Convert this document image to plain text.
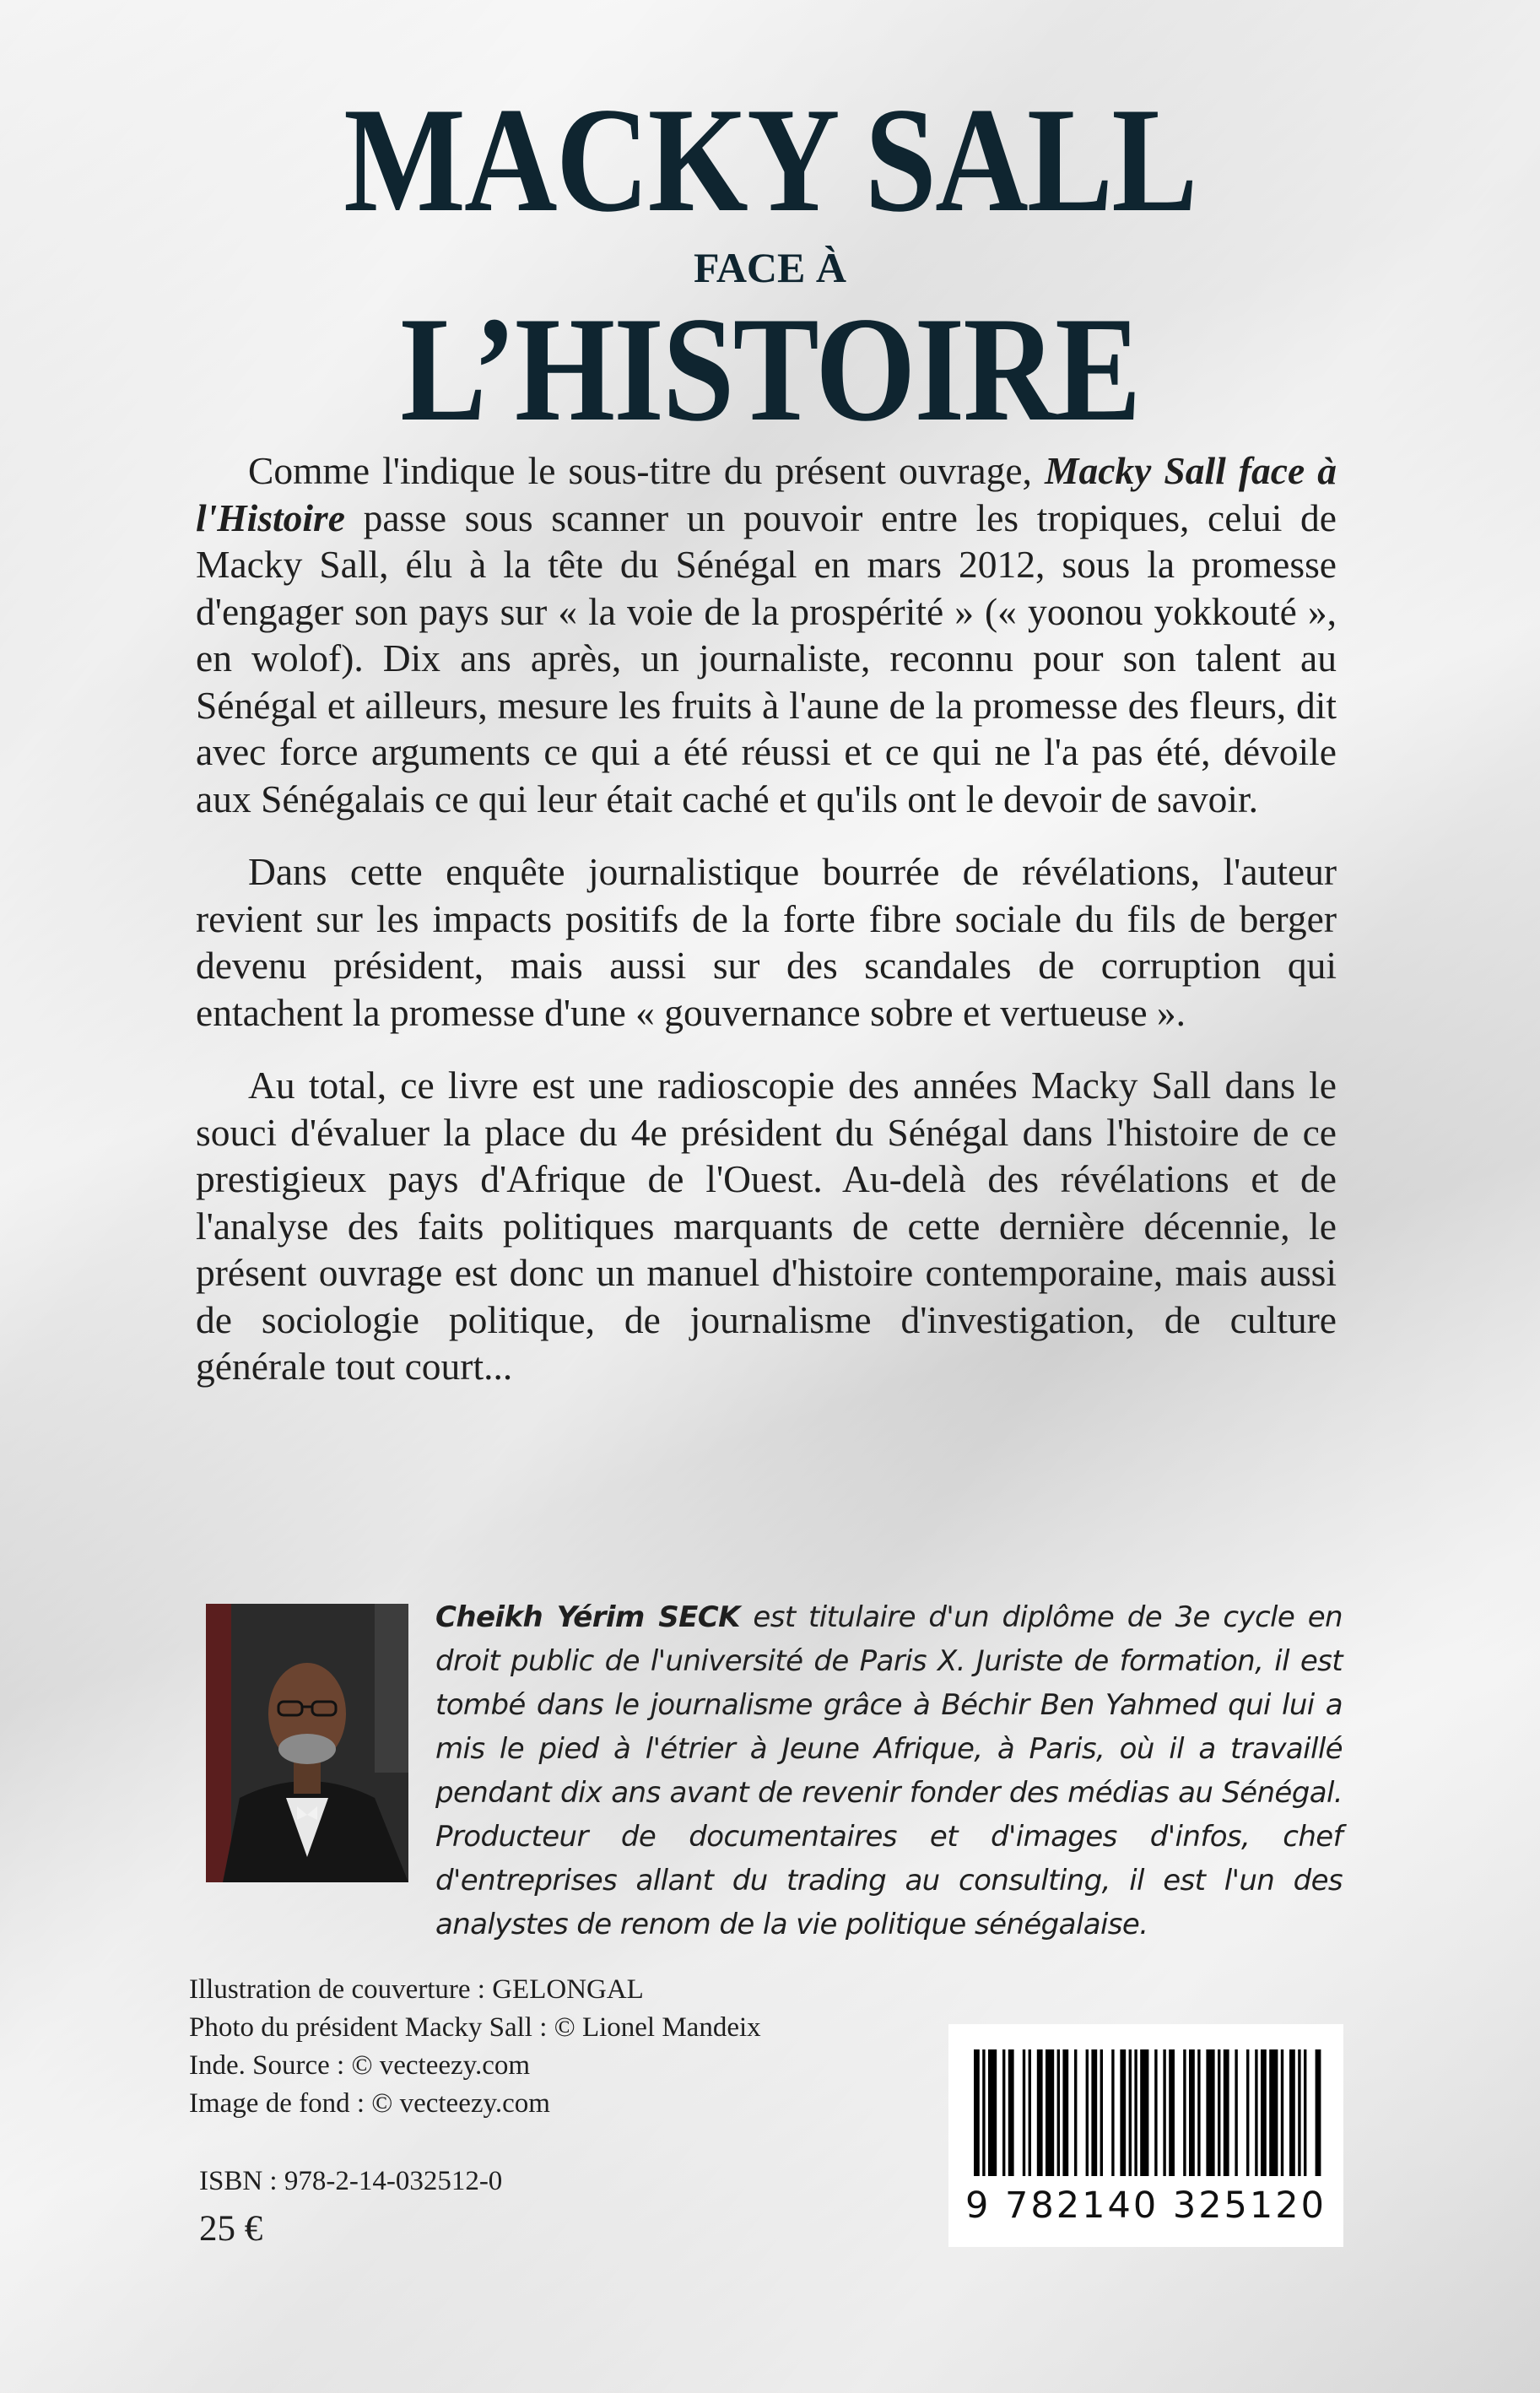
MACKY SALL
FACE À
L’HISTOIRE

Comme l'indique le sous-titre du présent ouvrage, Macky Sall face à l'Histoire passe sous scanner un pouvoir entre les tropiques, celui de Macky Sall, élu à la tête du Sénégal en mars 2012, sous la promesse d'engager son pays sur « la voie de la prospérité » (« yoonou yokkouté », en wolof). Dix ans après, un journaliste, reconnu pour son talent au Sénégal et ailleurs, mesure les fruits à l'aune de la promesse des fleurs, dit avec force arguments ce qui a été réussi et ce qui ne l'a pas été, dévoile aux Sénégalais ce qui leur était caché et qu'ils ont le devoir de savoir.

Dans cette enquête journalistique bourrée de révélations, l'auteur revient sur les impacts positifs de la forte fibre sociale du fils de berger devenu président, mais aussi sur des scandales de corruption qui entachent la promesse d'une « gouvernance sobre et vertueuse ».

Au total, ce livre est une radioscopie des années Macky Sall dans le souci d'évaluer la place du 4e président du Sénégal dans l'histoire de ce prestigieux pays d'Afrique de l'Ouest. Au-delà des révélations et de l'analyse des faits politiques marquants de cette dernière décennie, le présent ouvrage est donc un manuel d'histoire contemporaine, mais aussi de sociologie politique, de journalisme d'investigation, de culture générale tout court...

Cheikh Yérim SECK est titulaire d'un diplôme de 3e cycle en droit public de l'université de Paris X. Juriste de formation, il est tombé dans le journalisme grâce à Béchir Ben Yahmed qui lui a mis le pied à l'étrier à Jeune Afrique, à Paris, où il a travaillé pendant dix ans avant de revenir fonder des médias au Sénégal. Producteur de documentaires et d'images d'infos, chef d'entreprises allant du trading au consulting, il est l'un des analystes de renom de la vie politique sénégalaise.
Illustration de couverture : GELONGAL
Photo du président Macky Sall : © Lionel Mandeix
Inde. Source : © vecteezy.com
Image de fond : © vecteezy.com
ISBN : 978-2-14-032512-0
25 €
9 782140 325120
